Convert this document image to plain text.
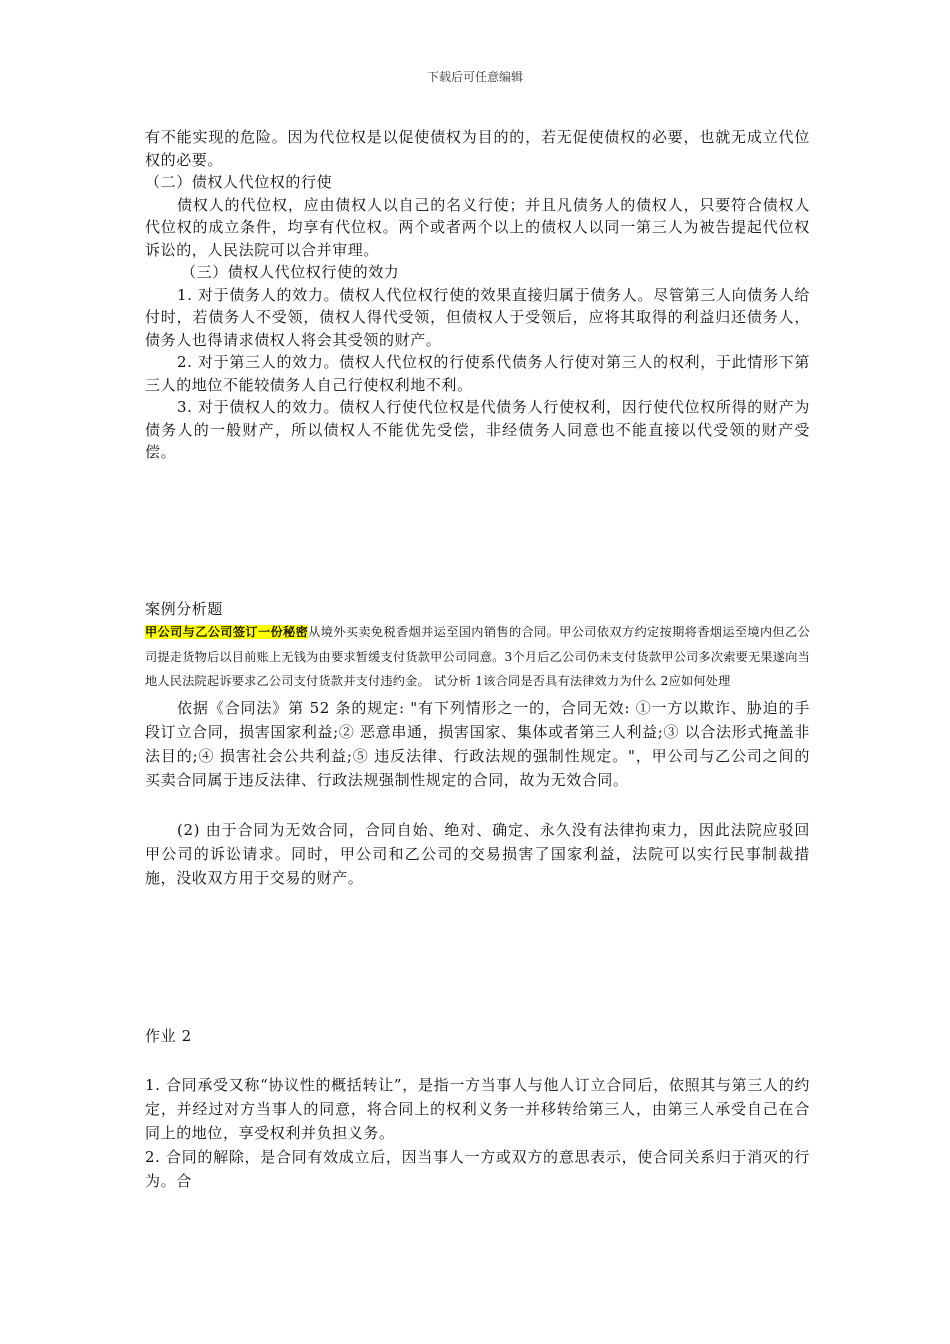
下载后可任意编辑

有不能实现的危险。因为代位权是以促使债权为目的的，若无促使债权的必要，也就无成立代位权的必要。

（二）债权人代位权的行使

债权人的代位权，应由债权人以自己的名义行使；并且凡债务人的债权人，只要符合债权人代位权的成立条件，均享有代位权。两个或者两个以上的债权人以同一第三人为被告提起代位权诉讼的，人民法院可以合并审理。

（三）债权人代位权行使的效力

1. 对于债务人的效力。债权人代位权行使的效果直接归属于债务人。尽管第三人向债务人给付时，若债务人不受领，债权人得代受领，但债权人于受领后，应将其取得的利益归还债务人，债务人也得请求债权人将会其受领的财产。

2. 对于第三人的效力。债权人代位权的行使系代债务人行使对第三人的权利，于此情形下第三人的地位不能较债务人自己行使权利地不利。

3. 对于债权人的效力。债权人行使代位权是代债务人行使权利，因行使代位权所得的财产为债务人的一般财产，所以债权人不能优先受偿，非经债务人同意也不能直接以代受领的财产受偿。

案例分析题

甲公司与乙公司签订一份秘密从境外买卖免税香烟并运至国内销售的合同。甲公司依双方约定按期将香烟运至境内但乙公司提走货物后以目前账上无钱为由要求暂缓支付货款甲公司同意。3个月后乙公司仍未支付货款甲公司多次索要无果遂向当地人民法院起诉要求乙公司支付货款并支付违约金。 试分析 1该合同是否具有法律效力为什么 2应如何处理

依据《合同法》第 52 条的规定: "有下列情形之一的，合同无效: ①一方以欺诈、胁迫的手段订立合同，损害国家利益;② 恶意串通，损害国家、集体或者第三人利益;③ 以合法形式掩盖非法目的;④ 损害社会公共利益;⑤ 违反法律、行政法规的强制性规定。"，甲公司与乙公司之间的买卖合同属于违反法律、行政法规强制性规定的合同，故为无效合同。

(2) 由于合同为无效合同，合同自始、绝对、确定、永久没有法律拘束力，因此法院应驳回甲公司的诉讼请求。同时，甲公司和乙公司的交易损害了国家利益，法院可以实行民事制裁措施，没收双方用于交易的财产。

作业 2

1. 合同承受又称“协议性的概括转让”，是指一方当事人与他人订立合同后，依照其与第三人的约定，并经过对方当事人的同意，将合同上的权利义务一并移转给第三人，由第三人承受自己在合同上的地位，享受权利并负担义务。

2. 合同的解除，是合同有效成立后，因当事人一方或双方的意思表示，使合同关系归于消灭的行为。合
